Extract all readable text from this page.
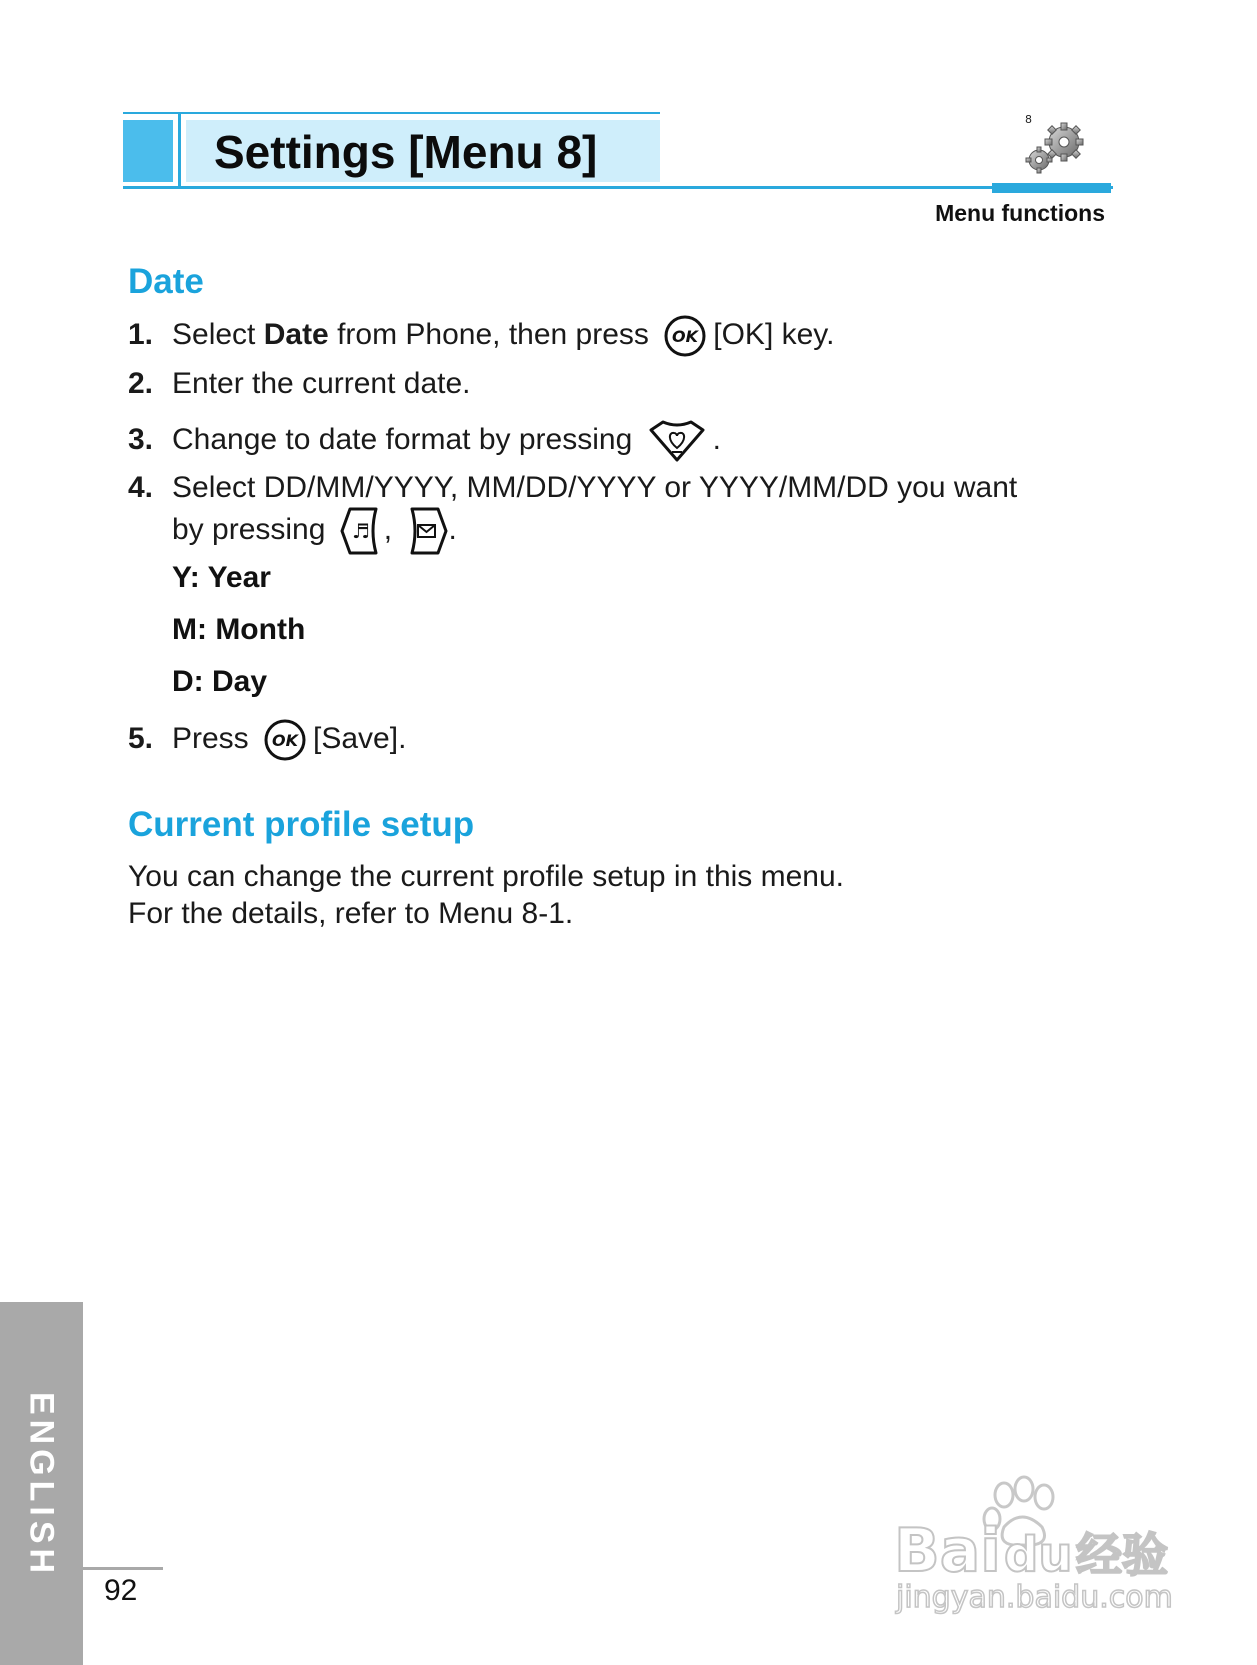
Settings [Menu 8]
8
Menu functions
Date
1. Select Date from Phone, then press OK [OK] key.
2. Enter the current date.
3. Change to date format by pressing	.
4. Select DD/MM/YYYY, MM/DD/YYYY or YYYY/MM/DD you want
by pressing ♬ , .
Y: Year
M: Month
D: Day
5. Press OK [Save].
Current profile setup
You can change the current profile setup in this menu.
For the details, refer to Menu 8-1.
ENGLISH
92
Bai du 经验
jingyan.baidu.com
